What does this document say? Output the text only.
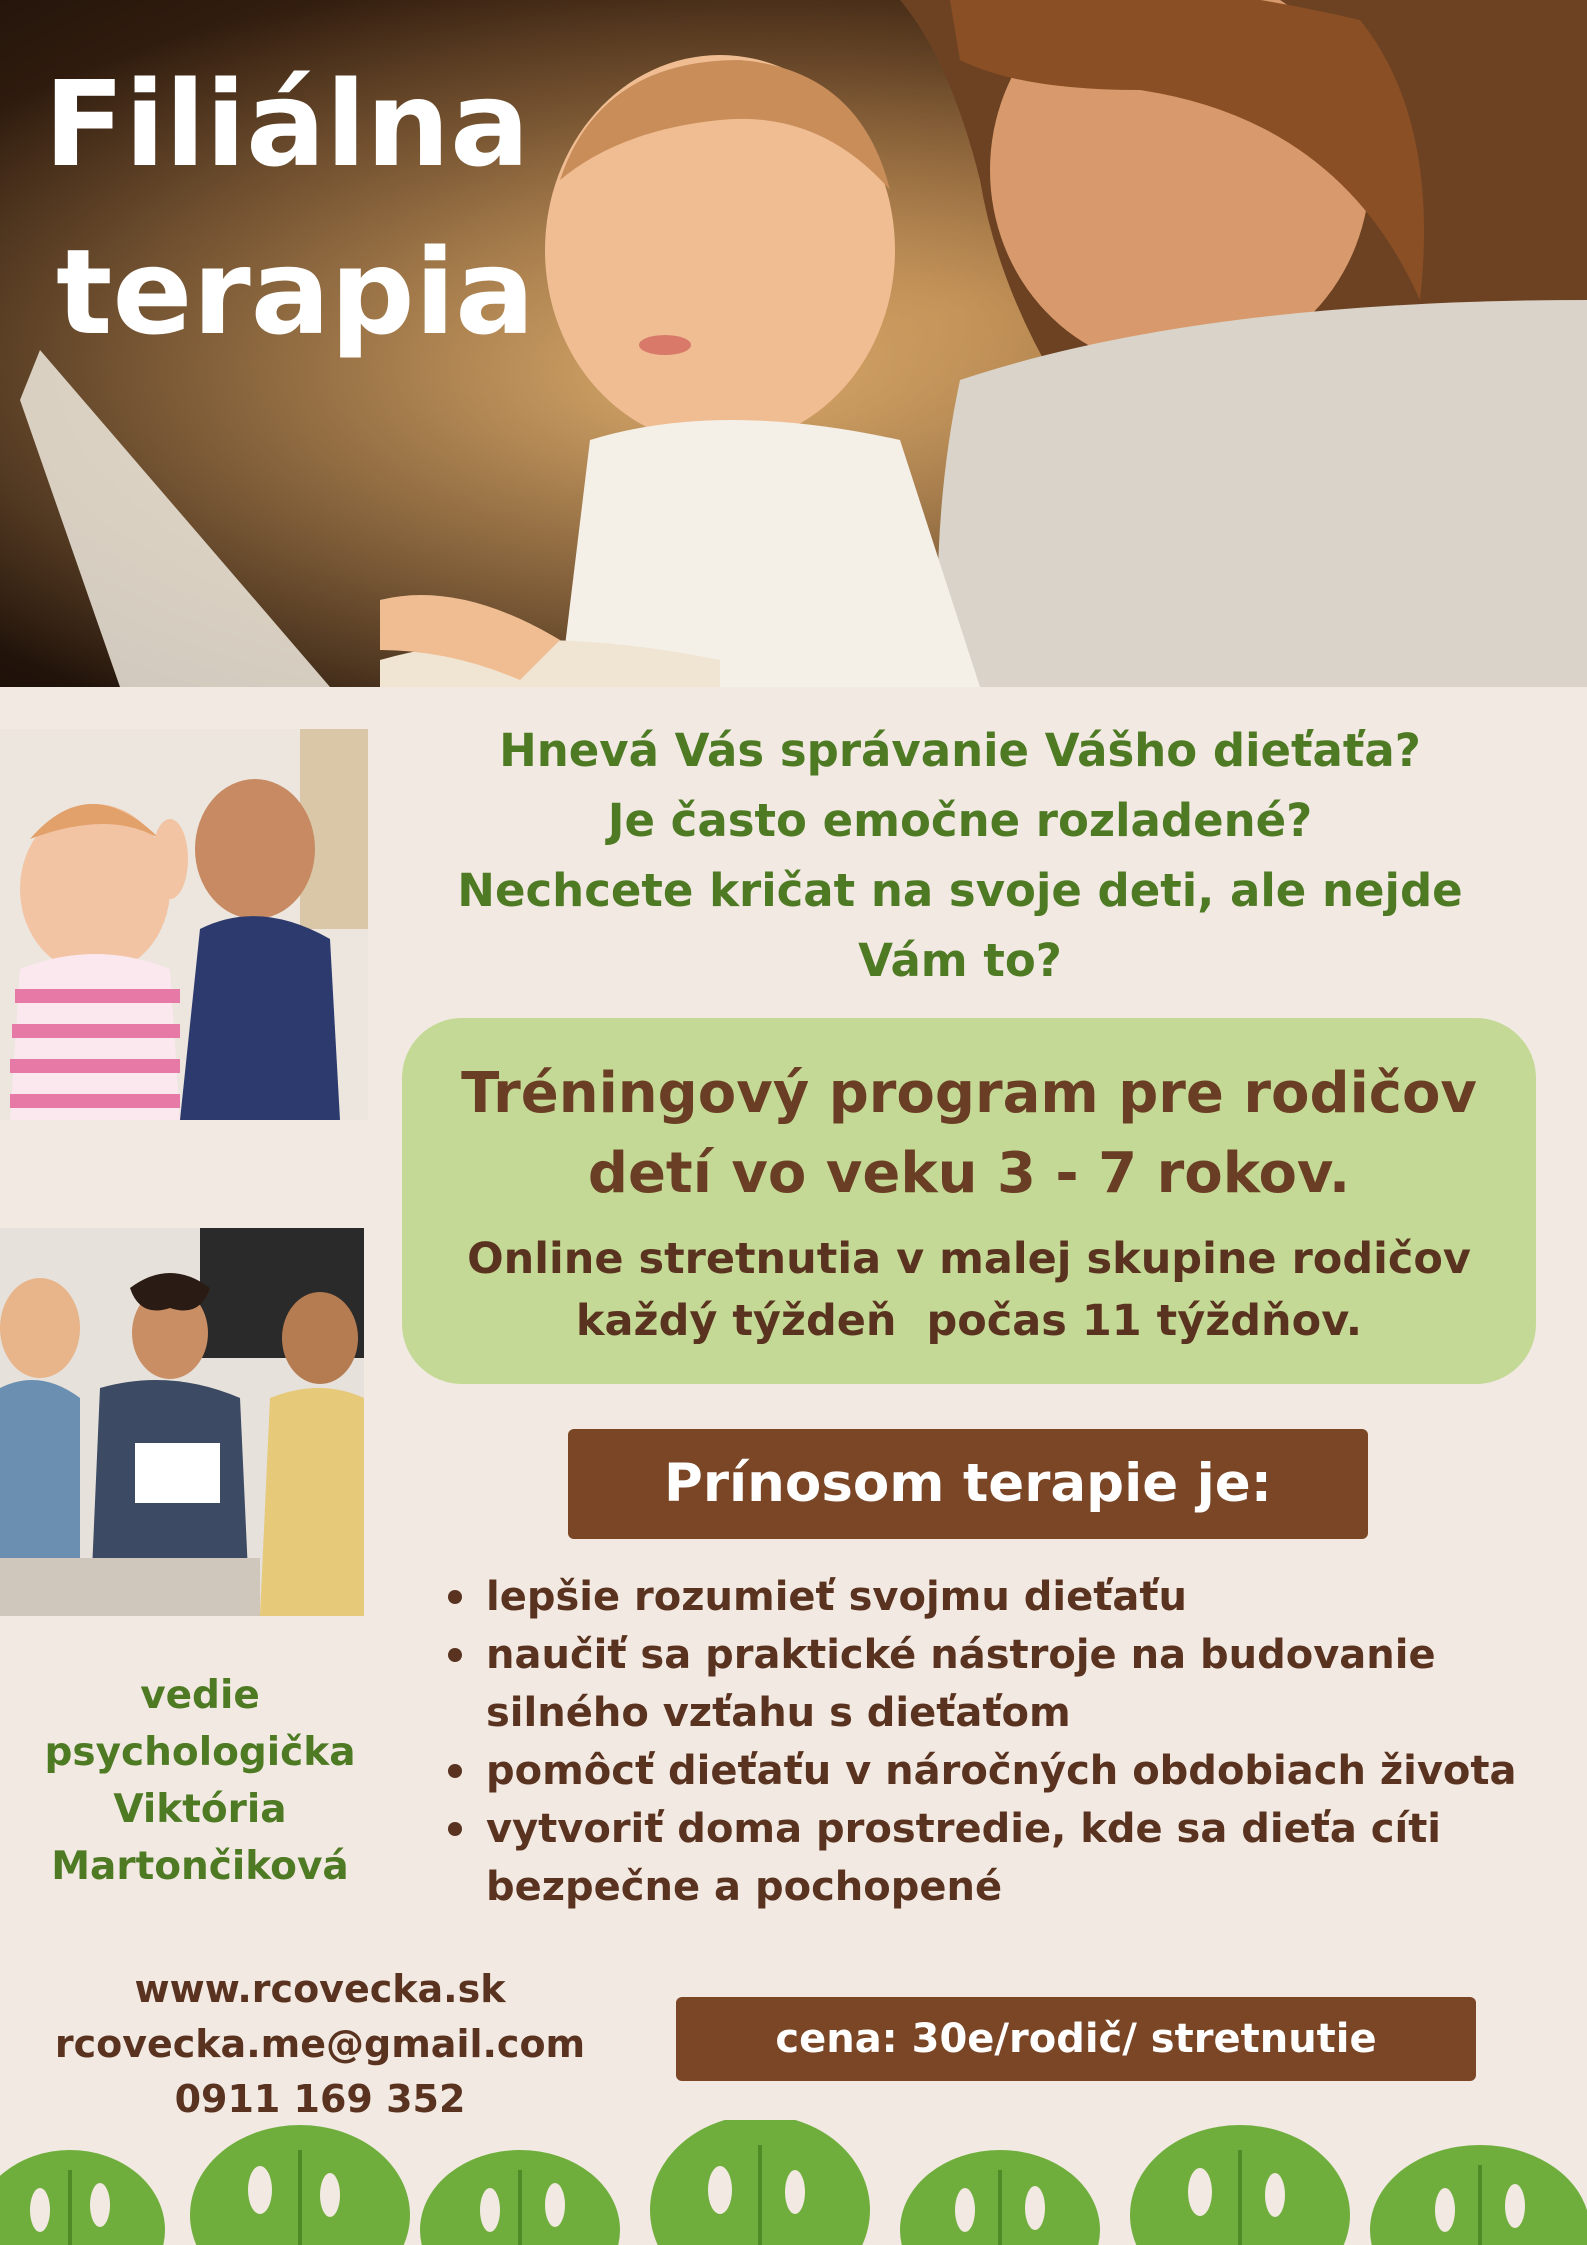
Filiálna
terapia
Hnevá Vás správanie Vášho dieťaťa?
Je často emočne rozladené?
Nechcete kričat na svoje deti, ale nejde
Vám to?
Tréningový program pre rodičov
detí vo veku 3 - 7 rokov.
Online stretnutia v malej skupine rodičov
každý týždeň  počas 11 týždňov.
Prínosom terapie je:
lepšie rozumieť svojmu dieťaťu
naučiť sa praktické nástroje na budovanie silného vzťahu s dieťaťom
pomôcť dieťaťu v náročných obdobiach života
vytvoriť doma prostredie, kde sa dieťa cíti bezpečne a pochopené
vedie
psychologička
Viktória
Martončiková
www.rcovecka.sk
rcovecka.me@gmail.com
0911 169 352
cena: 30e/rodič/ stretnutie
